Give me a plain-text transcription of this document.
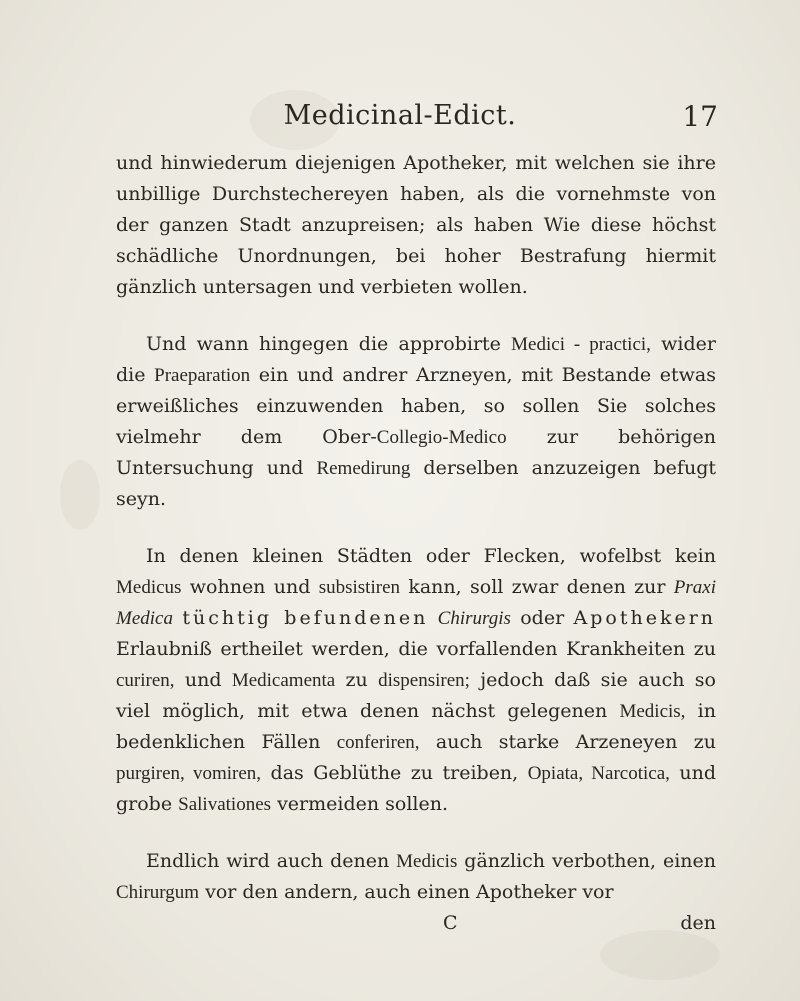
Medicinal-Edict.	17

und hinwiederum diejenigen Apotheker, mit welchen sie ihre unbillige Durchstechereyen haben, als die vornehmste von der ganzen Stadt anzupreisen; als haben Wie diese höchst schädliche Unordnungen, bei hoher Bestrafung hiermit gänzlich untersagen und verbieten wollen.

Und wann hingegen die approbirte Medici - practici, wider die Praeparation ein und andrer Arzneyen, mit Bestande etwas erweißliches einzuwenden haben, so sollen Sie solches vielmehr dem Ober-Collegio-Medico zur behörigen Untersuchung und Remedirung derselben anzuzeigen befugt seyn.

In denen kleinen Städten oder Flecken, wofelbst kein Medicus wohnen und subsistiren kann, soll zwar denen zur Praxi Medica tüchtig befundenen Chirurgis oder Apothekern Erlaubniß ertheilet werden, die vorfallenden Krankheiten zu curiren, und Medicamenta zu dispensiren; jedoch daß sie auch so viel möglich, mit etwa denen nächst gelegenen Medicis, in bedenklichen Fällen conferiren, auch starke Arzeneyen zu purgiren, vomiren, das Geblüthe zu treiben, Opiata, Narcotica, und grobe Salivationes vermeiden sollen.

Endlich wird auch denen Medicis gänzlich verbothen, einen Chirurgum vor den andern, auch einen Apotheker vor

C	den
